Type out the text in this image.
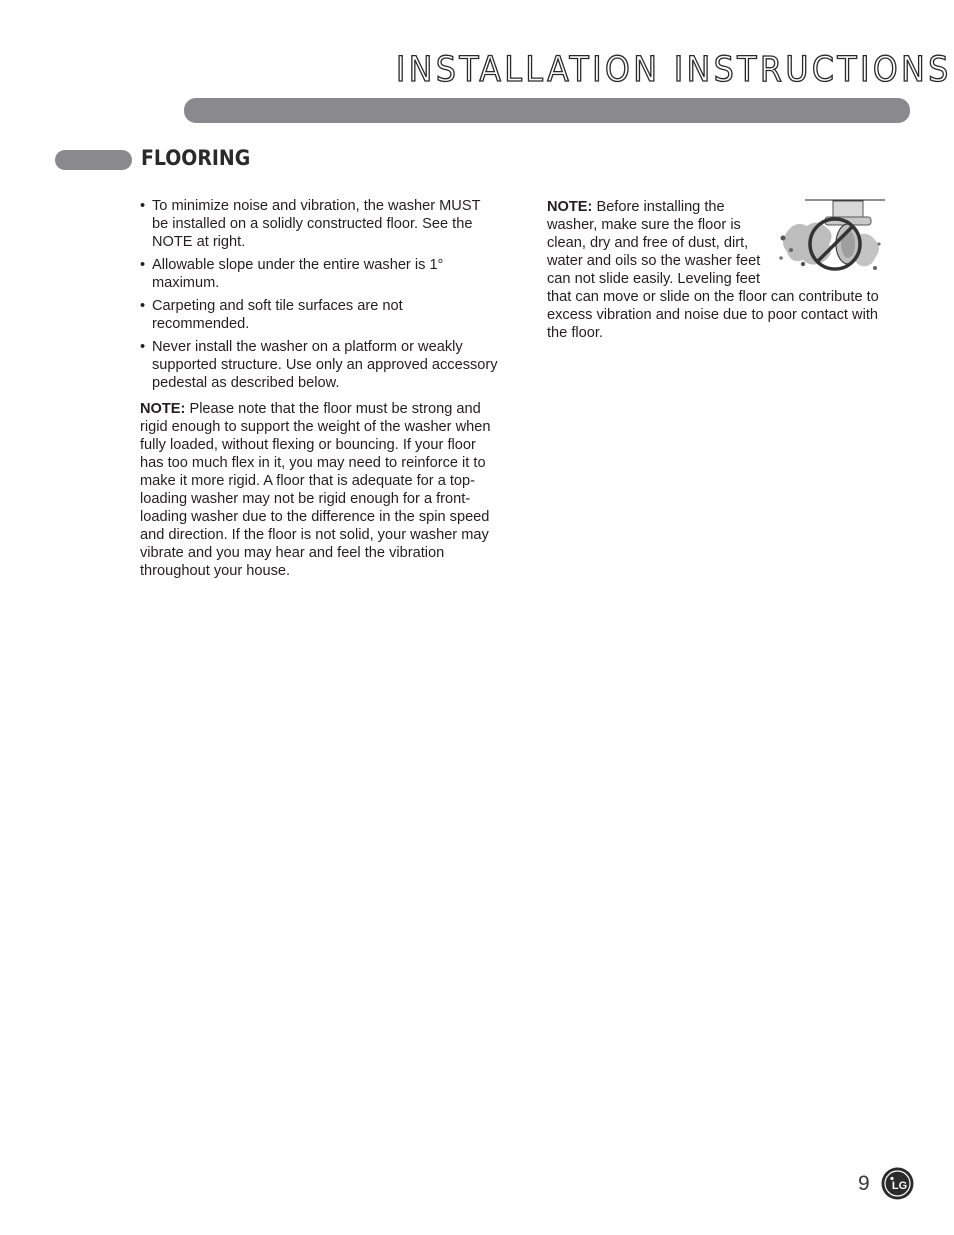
INSTALLATION INSTRUCTIONS
FLOORING
• To minimize noise and vibration, the washer MUST be installed on a solidly constructed floor. See the NOTE at right.
• Allowable slope under the entire washer is 1° maximum.
• Carpeting and soft tile surfaces are not recommended.
• Never install the washer on a platform or weakly supported structure. Use only an approved accessory pedestal as described below.

NOTE: Please note that the floor must be strong and rigid enough to support the weight of the washer when fully loaded, without flexing or bouncing. If your floor has too much flex in it, you may need to reinforce it to make it more rigid. A floor that is adequate for a top-loading washer may not be rigid enough for a front-loading washer due to the difference in the spin speed and direction. If the floor is not solid, your washer may vibrate and you may hear and feel the vibration throughout your house.

NOTE: Before installing the washer, make sure the floor is clean, dry and free of dust, dirt, water and oils so the washer feet can not slide easily. Leveling feet that can move or slide on the floor can contribute to excess vibration and noise due to poor contact with the floor.

9 LG
